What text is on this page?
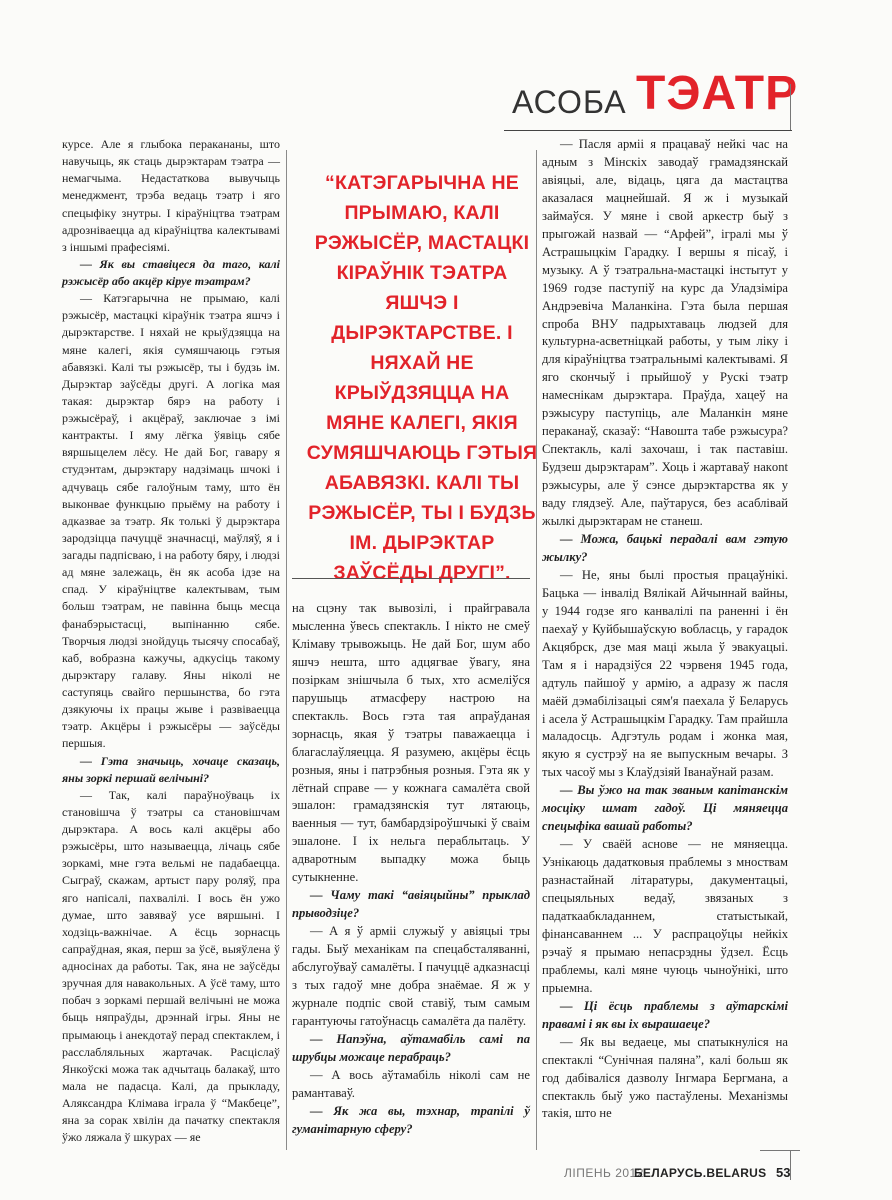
АСОБА ТЭАТР

курсе. Але я глыбока перакананы, што навучыць, як стаць дырэктарам тэатра — немагчыма. Недастаткова вывучыць менеджмент, трэба ведаць тэатр і яго спецыфіку знутры. І кіраўніцтва тэатрам адрозніваецца ад кіраўніцтва калектывамі з іншымі прафесіямі.

— Як вы ставіцеся да таго, калі рэжысёр або акцёр кіруе тэатрам?

— Катэгарычна не прымаю, калі рэжысёр, мастацкі кіраўнік тэатра яшчэ і дырэктарстве. І няхай не крыўдзяцца на мяне калегі, якія сумяшчаюць гэтыя абавязкі. Калі ты рэжысёр, ты і будзь ім. Дырэктар заўсёды другі. А логіка мая такая: дырэктар бярэ на работу і рэжысёраў, і акцёраў, заключае з імі кантракты. І яму лёгка ўявіць сябе вяршыцелем лёсу. Не дай Бог, гавару я студэнтам, дырэктару надзімаць шчокі і адчуваць сябе галоўным таму, што ён выконвае функцыю прыёму на работу і адказвае за тэатр. Як толькі ў дырэктара зародзіцца пачуццё значнасці, маўляў, я і загады падпісваю, і на работу бяру, і людзі ад мяне залежаць, ён як асоба ідзе на спад. У кіраўніцтве калектывам, тым больш тэатрам, не павінна быць месца фанабэрыстасці, выпінанню сябе. Творчыя людзі знойдуць тысячу спосабаў, каб, вобразна кажучы, адкусіць такому дырэктару галаву. Яны ніколі не саступяць свайго першынства, бо гэта дзякуючы іх працы жыве і развіваецца тэатр. Акцёры і рэжысёры — заўсёды першыя.

— Гэта значыць, хочаце сказаць, яны зоркі першай велічыні?

— Так, калі параўноўваць іх становішча ў тэатры са становішчам дырэктара. А вось калі акцёры або рэжысёры, што называецца, лічаць сябе зоркамі, мне гэта вельмі не падабаецца. Сыграў, скажам, артыст пару роляў, пра яго напісалі, пахвалілі. І вось ён ужо думае, што завяваў усе вяршыні. І ходзіць-важнічае. А ёсць зорнасць сапраўдная, якая, перш за ўсё, выяўлена ў адносінах да работы. Так, яна не заўсёды зручная для навакольных. А ўсё таму, што побач з зоркамі першай велічыні не можа быць няпраўды, дрэннай ігры. Яны не прымаюць і анекдотаў перад спектаклем, і расслабляльных жартачак. Расціслаў Янкоўскі можа так адчытаць балакаў, што мала не падасца. Калі, да прыкладу, Аляксандра Клімава іграла ў “Макбеце”, яна за сорак хвілін да пачатку спектакля ўжо ляжала ў шкурах — яе

“КАТЭГАРЫЧНА НЕ ПРЫМАЮ, КАЛІ РЭЖЫСЁР, МАСТАЦКІ КІРАЎНІК ТЭАТРА ЯШЧЭ І ДЫРЭКТАРСТВЕ. І НЯХАЙ НЕ КРЫЎДЗЯЦЦА НА МЯНЕ КАЛЕГІ, ЯКІЯ СУМЯШЧАЮЦЬ ГЭТЫЯ АБАВЯЗКІ. КАЛІ ТЫ РЭЖЫСЁР, ТЫ І БУДЗЬ ІМ. ДЫРЭКТАР ЗАЎСЁДЫ ДРУГІ”.

на сцэну так вывозілі, і прайгравала мысленна ўвесь спектакль. І нікто не смеў Клімаву трывожыць. Не дай Бог, шум або яшчэ нешта, што адцягвае ўвагу, яна позіркам знішчыла б тых, хто асмеліўся парушыць атмасферу настрою на спектакль. Вось гэта тая апраўданая зорнасць, якая ў тэатры паважаецца і благаслаўляецца. Я разумею, акцёры ёсць розныя, яны і патрэбныя розныя. Гэта як у лётнай справе — у кожнага самалёта свой эшалон: грамадзянскія тут лятаюць, ваенныя — тут, бамбардзіроўшчыкі ў сваім эшалоне. І іх нельга пераблытаць. У адваротным выпадку можа быць сутыкненне.

— Чаму такі “авіяцыйны” прыклад прыводзіце?

— А я ў арміі служыў у авіяцыі тры гады. Быў механікам па спецабсталяванні, абслугоўваў самалёты. І пачуццё адказнасці з тых гадоў мне добра знаёмае. Я ж у журнале подпіс свой ставіў, тым самым гарантуючы гатоўнасць самалёта да палёту.

— Напэўна, аўтамабіль самі па шрубцы можаце перабраць?

— А вось аўтамабіль ніколі сам не рамантаваў.

— Як жа вы, тэхнар, трапілі ў гуманітарную сферу?

— Пасля арміі я працаваў нейкі час на адным з Мінскіх заводаў грамадзянскай авіяцыі, але, відаць, цяга да мастацтва аказалася мацнейшай. Я ж і музыкай займаўся. У мяне і свой аркестр быў з прыгожай назвай — “Арфей”, ігралі мы ў Астрашыцкім Гарадку. І вершы я пісаў, і музыку. А ў тэатральна-мастацкі інстытут у 1969 годзе паступіў на курс да Уладзіміра Андрэевіча Маланкіна. Гэта была першая спроба ВНУ падрыхтаваць людзей для культурна-асветніцкай работы, у тым ліку і для кіраўніцтва тэатральнымі калектывамі. Я яго скончыў і прыйшоў у Рускі тэатр намеснікам дырэктара. Праўда, хацеў на рэжысуру паступіць, але Маланкін мяне пераканаў, сказаў: “Навошта табе рэжысура? Спектакль, калі захочаш, і так паставіш. Будзеш дырэктарам”. Хоць і жартаваў накont рэжысуры, але ў сэнсе дырэктарства як у ваду глядзеў. Але, паўтаруся, без асаблівай жылкі дырэктарам не станеш.

— Можа, бацькі перадалі вам гэтую жылку?

— Не, яны былі простыя працаўнікі. Бацька — інвалід Вялікай Айчыннай вайны, у 1944 годзе яго канвалілі па раненні і ён паехаў у Куйбышаўскую вобласць, у гарадок Акцябрск, дзе мая маці жыла ў эвакуацыі. Там я і нарадзіўся 22 чэрвеня 1945 года, адтуль пайшоў у армію, а адразу ж пасля маёй дэмабілізацыі сям'я паехала ў Беларусь і асела ў Астрашыцкім Гарадку. Там прайшла маладосць. Адгэтуль родам і жонка мая, якую я сустрэў на яе выпускным вечары. З тых часоў мы з Клаўдзіяй Іванаўнай разам.

— Вы ўжо на так званым капітанскім мосціку шмат гадоў. Ці мяняецца спецыфіка вашай работы?

— У сваёй аснове — не мяняецца. Узнікаюць дадатковыя праблемы з мноствам разнастайнай літаратуры, дакументацыі, спецыяльных ведаў, звязаных з падаткаабкладаннем, статыстыкай, фінансаваннем ... У распрацоўцы нейкіх рэчаў я прымаю непасрэдны ўдзел. Ёсць праблемы, калі мяне чуюць чыноўнікі, што прыемна.

— Ці ёсць праблемы з аўтарскімі правамі і як вы іх вырашаеце?

— Як вы ведаеце, мы спатыкнуліся на спектаклі “Сунічная паляна”, калі больш як год дабіваліся дазволу Інгмара Бергмана, а спектакль быў ужо пастаўлены. Механізмы такія, што не

ЛІПЕНЬ 2012
БЕЛАРУСЬ.BELARUS 53
